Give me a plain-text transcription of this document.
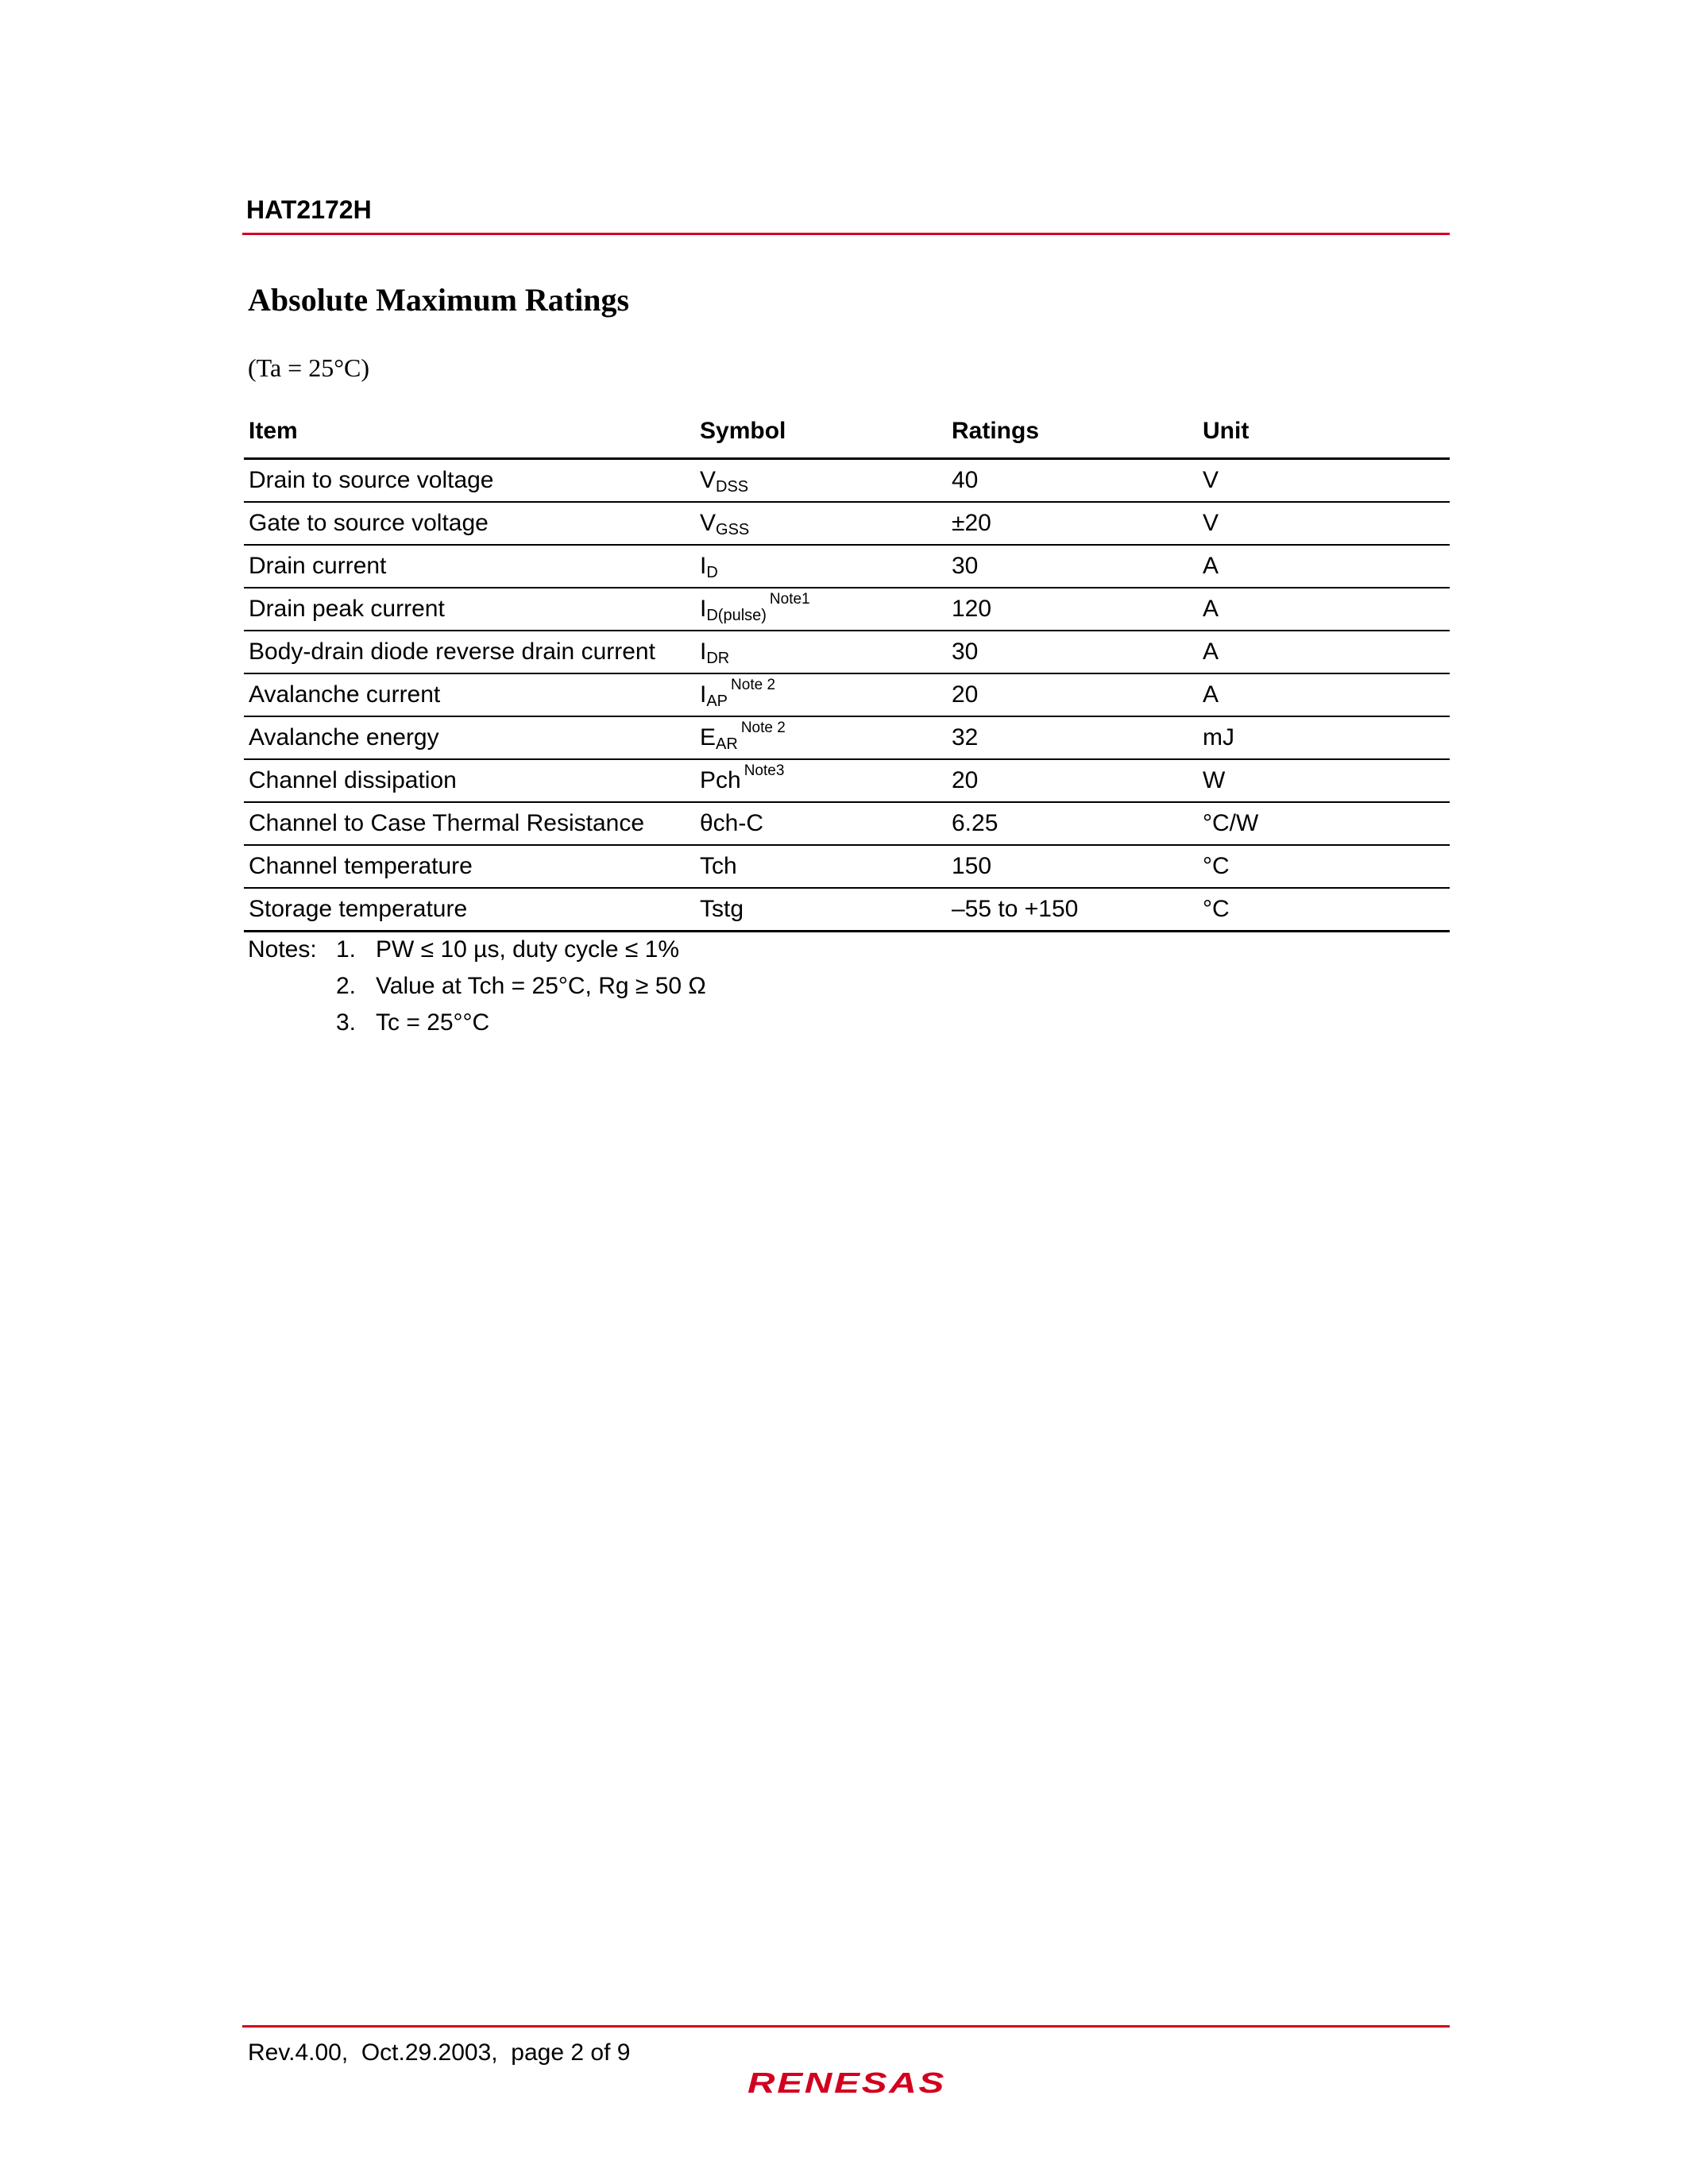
HAT2172H
Absolute Maximum Ratings
(Ta = 25°C)
Item	Symbol	Ratings	Unit
Drain to source voltage	$V_{DSS}$	40	V
Gate to source voltage	$V_{GSS}$	±20	V
Drain current	$I_D$	30	A
Drain peak current	$I_{D(pulse)}^{Note1}$	120	A
Body-drain diode reverse drain current	$I_{DR}$	30	A
Avalanche current	$I_{AP}^{Note 2}$	20	A
Avalanche energy	$E_{AR}^{Note 2}$	32	mJ
Channel dissipation	Pch $^{Note3}$	20	W
Channel to Case Thermal Resistance	θch-C	6.25	°C/W
Channel temperature	Tch	150	°C
Storage temperature	Tstg	–55 to +150	°C
Notes: 1. PW ≤ 10 µs, duty cycle ≤ 1%
2. Value at Tch = 25°C, Rg ≥ 50 Ω
3. Tc = 25°°C
Rev.4.00,  Oct.29.2003,  page 2 of 9
RENESAS
